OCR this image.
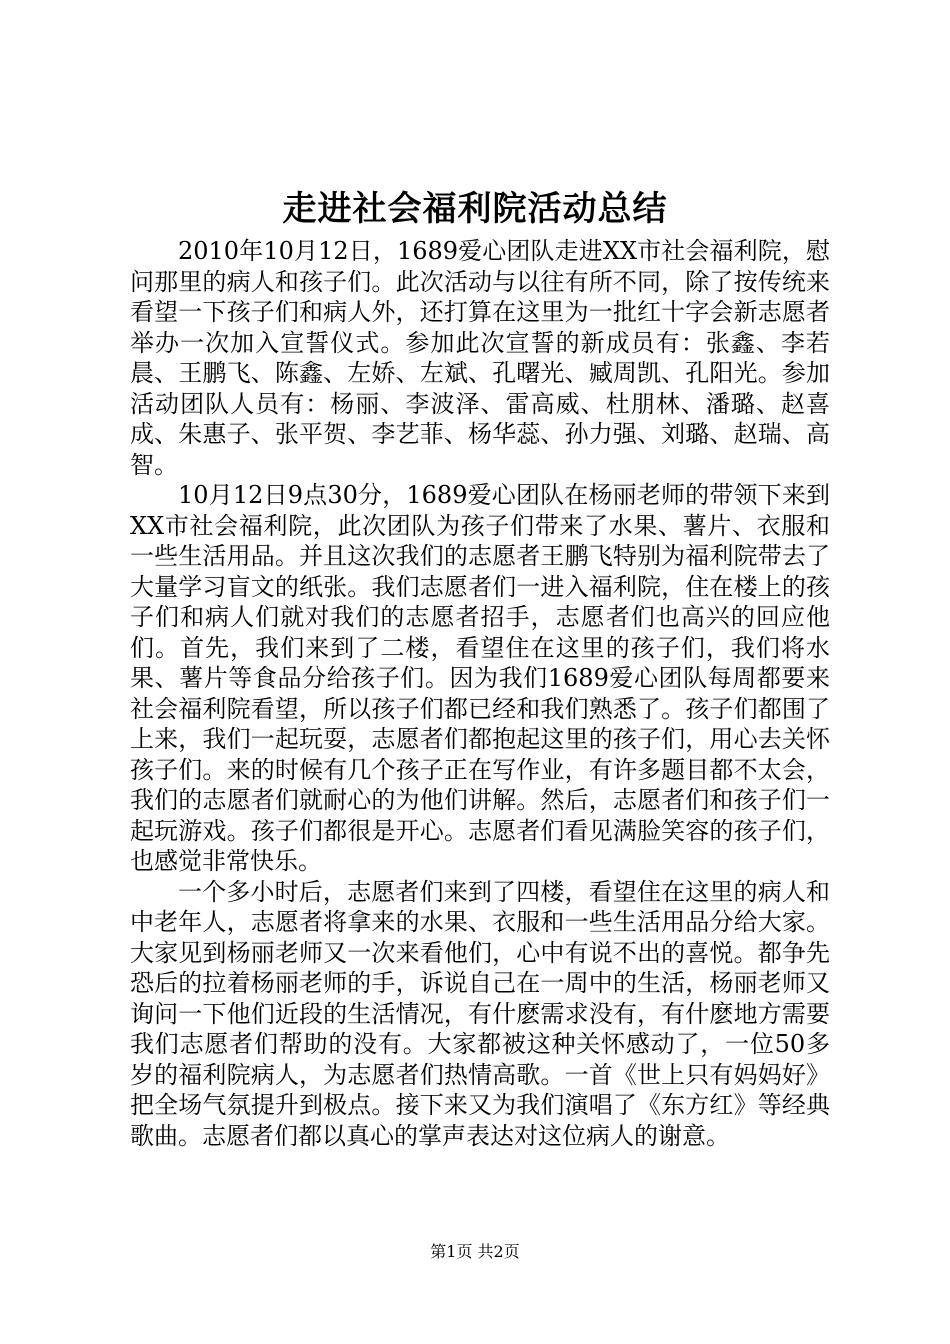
走进社会福利院活动总结

2010年10月12日，1689爱心团队走进XX市社会福利院，慰问那里的病人和孩子们。此次活动与以往有所不同，除了按传统来看望一下孩子们和病人外，还打算在这里为一批红十字会新志愿者举办一次加入宣誓仪式。参加此次宣誓的新成员有：张鑫、李若晨、王鹏飞、陈鑫、左娇、左斌、孔曙光、臧周凯、孔阳光。参加活动团队人员有：杨丽、李波泽、雷高威、杜朋林、潘璐、赵喜成、朱惠子、张平贺、李艺菲、杨华蕊、孙力强、刘璐、赵瑞、高智。

10月12日9点30分，1689爱心团队在杨丽老师的带领下来到XX市社会福利院，此次团队为孩子们带来了水果、薯片、衣服和一些生活用品。并且这次我们的志愿者王鹏飞特别为福利院带去了大量学习盲文的纸张。我们志愿者们一进入福利院，住在楼上的孩子们和病人们就对我们的志愿者招手，志愿者们也高兴的回应他们。首先，我们来到了二楼，看望住在这里的孩子们，我们将水果、薯片等食品分给孩子们。因为我们1689爱心团队每周都要来社会福利院看望，所以孩子们都已经和我们熟悉了。孩子们都围了上来，我们一起玩耍，志愿者们都抱起这里的孩子们，用心去关怀孩子们。来的时候有几个孩子正在写作业，有许多题目都不太会，我们的志愿者们就耐心的为他们讲解。然后，志愿者们和孩子们一起玩游戏。孩子们都很是开心。志愿者们看见满脸笑容的孩子们，也感觉非常快乐。

一个多小时后，志愿者们来到了四楼，看望住在这里的病人和中老年人，志愿者将拿来的水果、衣服和一些生活用品分给大家。大家见到杨丽老师又一次来看他们，心中有说不出的喜悦。都争先恐后的拉着杨丽老师的手，诉说自己在一周中的生活，杨丽老师又询问一下他们近段的生活情况，有什麽需求没有，有什麽地方需要我们志愿者们帮助的没有。大家都被这种关怀感动了，一位50多岁的福利院病人，为志愿者们热情高歌。一首《世上只有妈妈好》把全场气氛提升到极点。接下来又为我们演唱了《东方红》等经典歌曲。志愿者们都以真心的掌声表达对这位病人的谢意。

第1页 共2页
